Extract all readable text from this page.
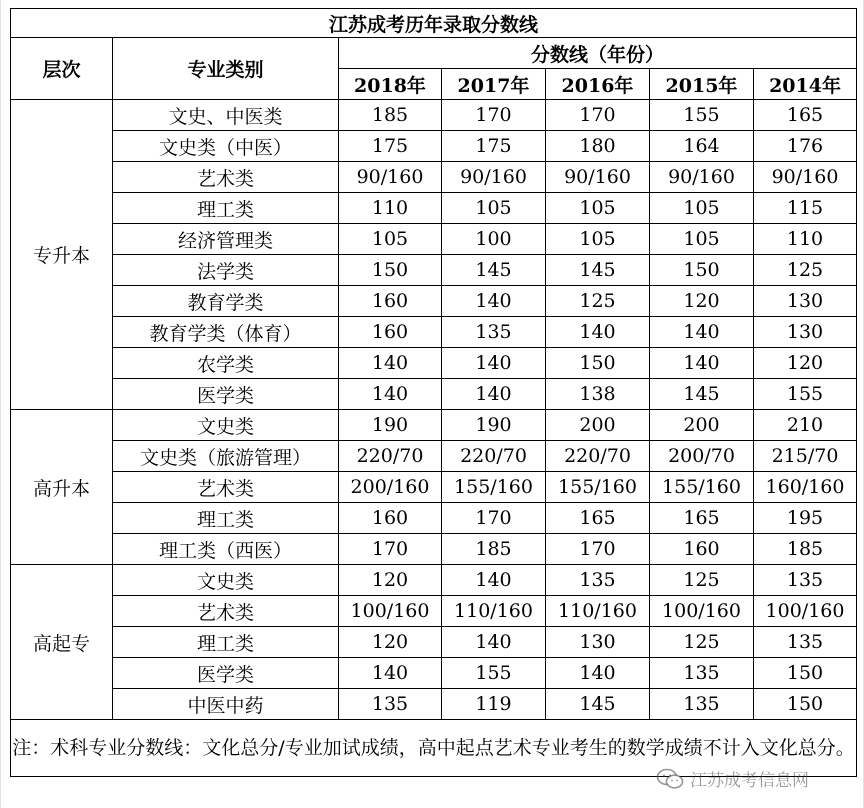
江苏成考历年录取分数线						
层次	专业类别	分数线（年份）				
		2018年	2017年	2016年	2015年	2014年
专升本	文史、中医类	185	170	170	155	165
	文史类（中医）	175	175	180	164	176
	艺术类	90/160	90/160	90/160	90/160	90/160
	理工类	110	105	105	105	115
	经济管理类	105	100	105	105	110
	法学类	150	145	145	150	125
	教育学类	160	140	125	120	130
	教育学类（体育）	160	135	140	140	130
	农学类	140	140	150	140	120
	医学类	140	140	138	145	155
高升本	文史类	190	190	200	200	210
	文史类（旅游管理）	220/70	220/70	220/70	200/70	215/70
	艺术类	200/160	155/160	155/160	155/160	160/160
	理工类	160	170	165	165	195
	理工类（西医）	170	185	170	160	185
高起专	文史类	120	140	135	125	135
	艺术类	100/160	110/160	110/160	100/160	100/160
	理工类	120	140	130	125	135
	医学类	140	155	140	135	150
	中医中药	135	119	145	135	150
注：术科专业分数线：文化总分/专业加试成绩，高中起点艺术专业考生的数学成绩不计入文化总分。						
江苏成考信息网
